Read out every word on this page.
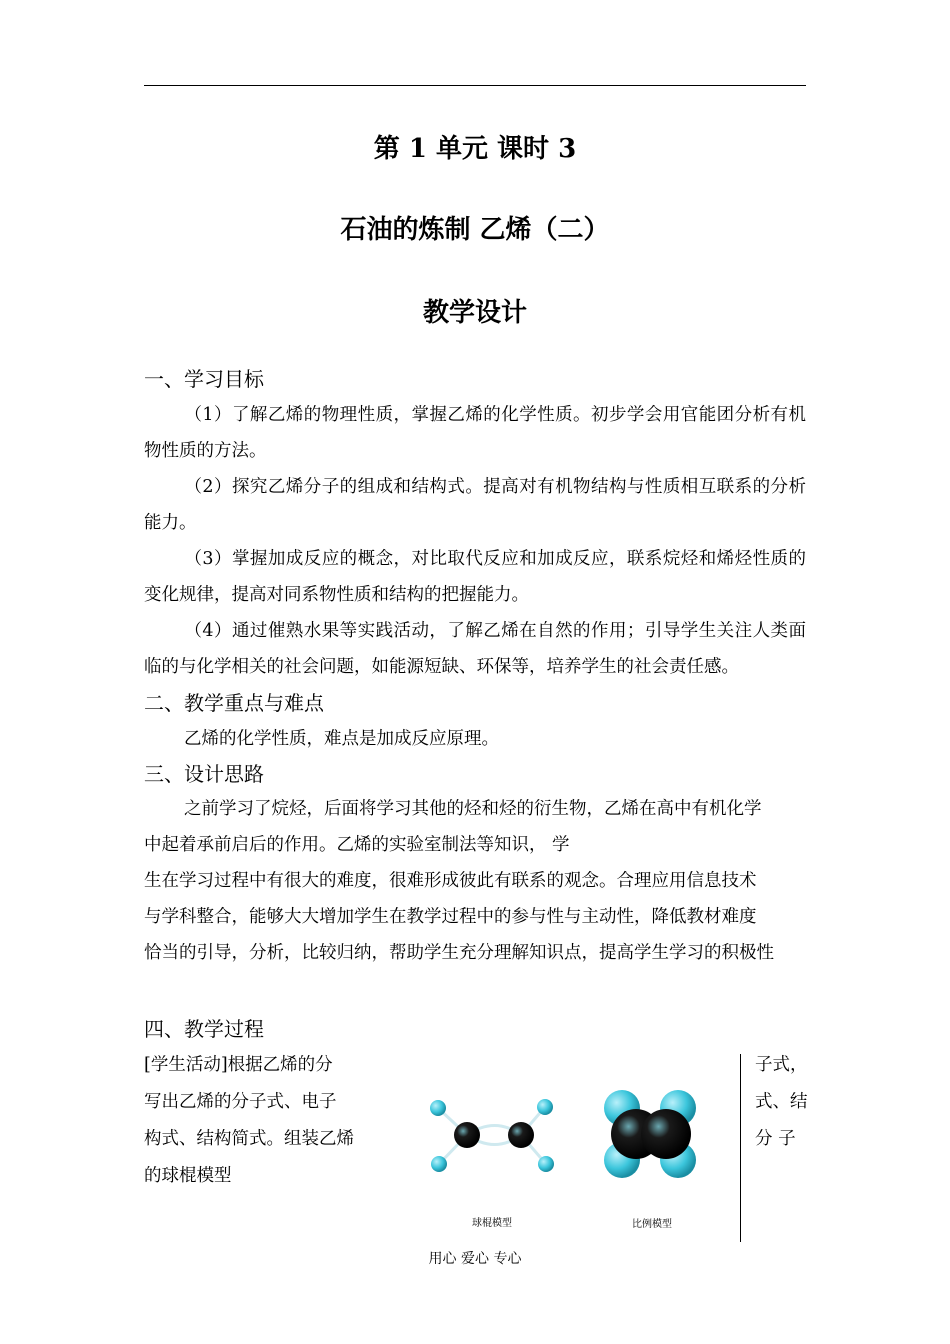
第 1 单元 课时 3
石油的炼制 乙烯（二）
教学设计
一、学习目标
（1）了解乙烯的物理性质，掌握乙烯的化学性质。初步学会用官能团分析有机物性质的方法。
（2）探究乙烯分子的组成和结构式。提高对有机物结构与性质相互联系的分析能力。
（3）掌握加成反应的概念，对比取代反应和加成反应，联系烷烃和烯烃性质的变化规律，提高对同系物性质和结构的把握能力。
（4）通过催熟水果等实践活动，了解乙烯在自然的作用；引导学生关注人类面临的与化学相关的社会问题，如能源短缺、环保等，培养学生的社会责任感。
二、教学重点与难点
乙烯的化学性质，难点是加成反应原理。
三、设计思路
之前学习了烷烃，后面将学习其他的烃和烃的衍生物，乙烯在高中有机化学
中起着承前启后的作用。乙烯的实验室制法等知识， 学
生在学习过程中有很大的难度，很难形成彼此有联系的观念。合理应用信息技术
与学科整合，能够大大增加学生在教学过程中的参与性与主动性，降低教材难度
恰当的引导，分析，比较归纳，帮助学生充分理解知识点，提高学生学习的积极性
四、教学过程
[学生活动]根据乙烯的分
写出乙烯的分子式、电子
构式、结构简式。组装乙烯
的球棍模型
子式，
式、结
分 子
球棍模型	比例模型
用心 爱心 专心
